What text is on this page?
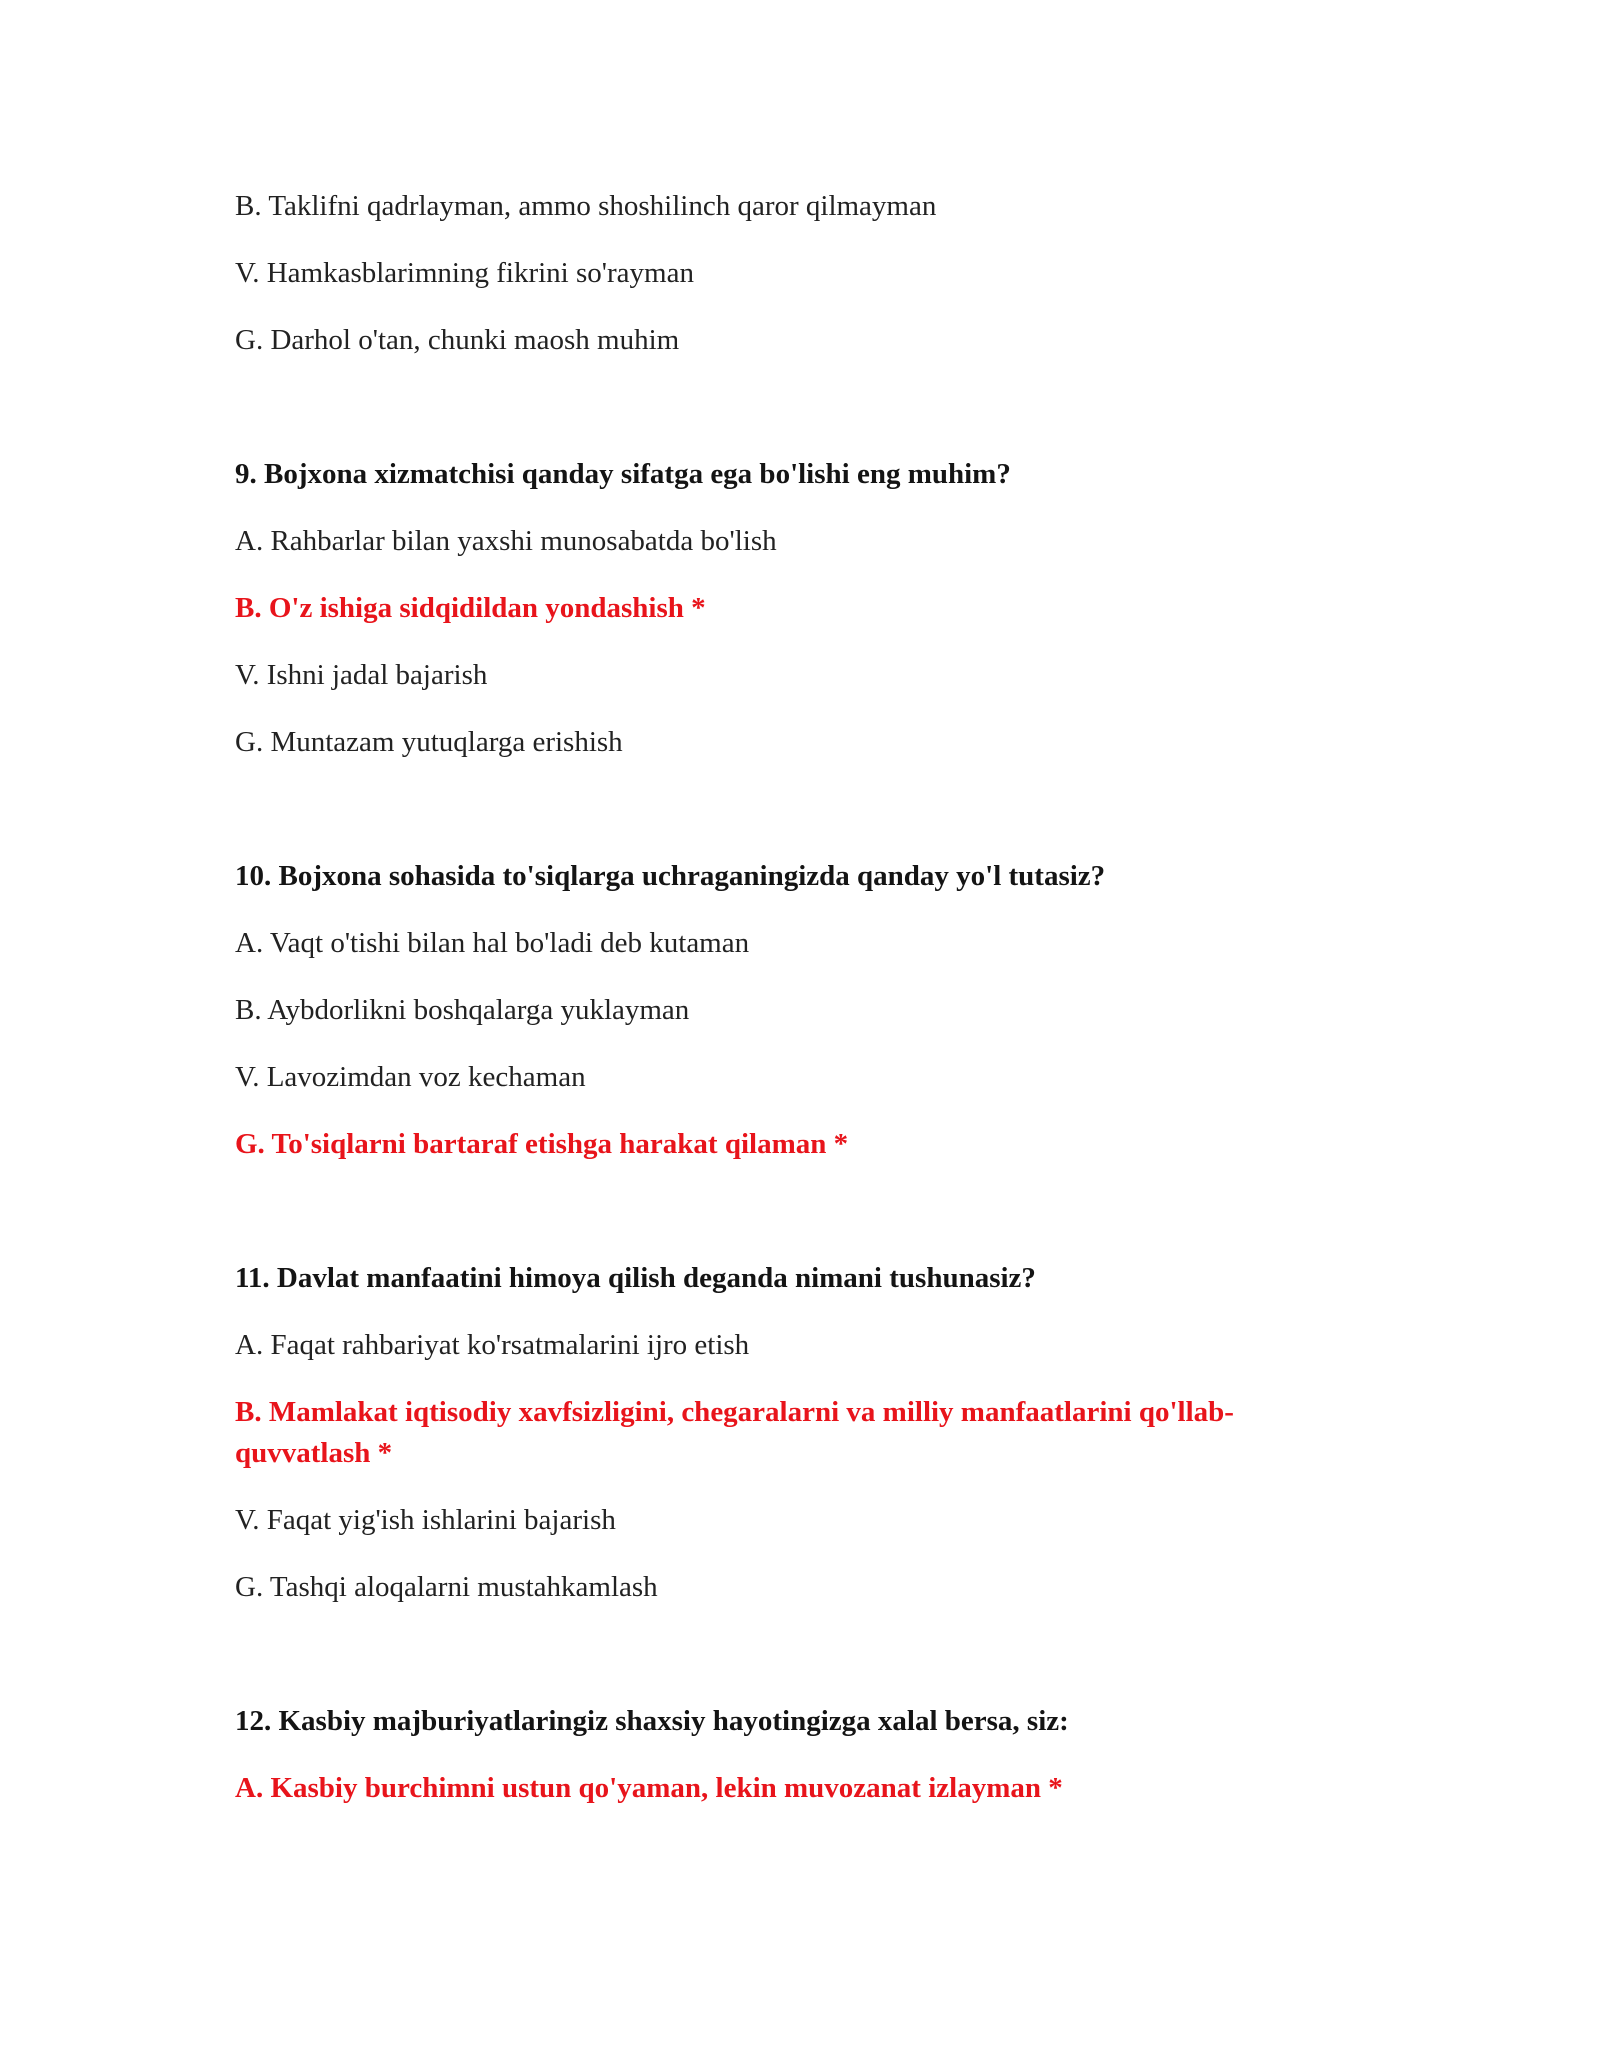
B. Taklifni qadrlayman, ammo shoshilinch qaror qilmayman

V. Hamkasblarimning fikrini so'rayman

G. Darhol o'tan, chunki maosh muhim

9. Bojxona xizmatchisi qanday sifatga ega bo'lishi eng muhim?

A. Rahbarlar bilan yaxshi munosabatda bo'lish

B. O'z ishiga sidqidildan yondashish *

V. Ishni jadal bajarish

G. Muntazam yutuqlarga erishish

10. Bojxona sohasida to'siqlarga uchraganingizda qanday yo'l tutasiz?

A. Vaqt o'tishi bilan hal bo'ladi deb kutaman

B. Aybdorlikni boshqalarga yuklayman

V. Lavozimdan voz kechaman

G. To'siqlarni bartaraf etishga harakat qilaman *

11. Davlat manfaatini himoya qilish deganda nimani tushunasiz?

A. Faqat rahbariyat ko'rsatmalarini ijro etish

B. Mamlakat iqtisodiy xavfsizligini, chegaralarni va milliy manfaatlarini qo'llab-quvvatlash *

V. Faqat yig'ish ishlarini bajarish

G. Tashqi aloqalarni mustahkamlash

12. Kasbiy majburiyatlaringiz shaxsiy hayotingizga xalal bersa, siz:

A. Kasbiy burchimni ustun qo'yaman, lekin muvozanat izlayman *
